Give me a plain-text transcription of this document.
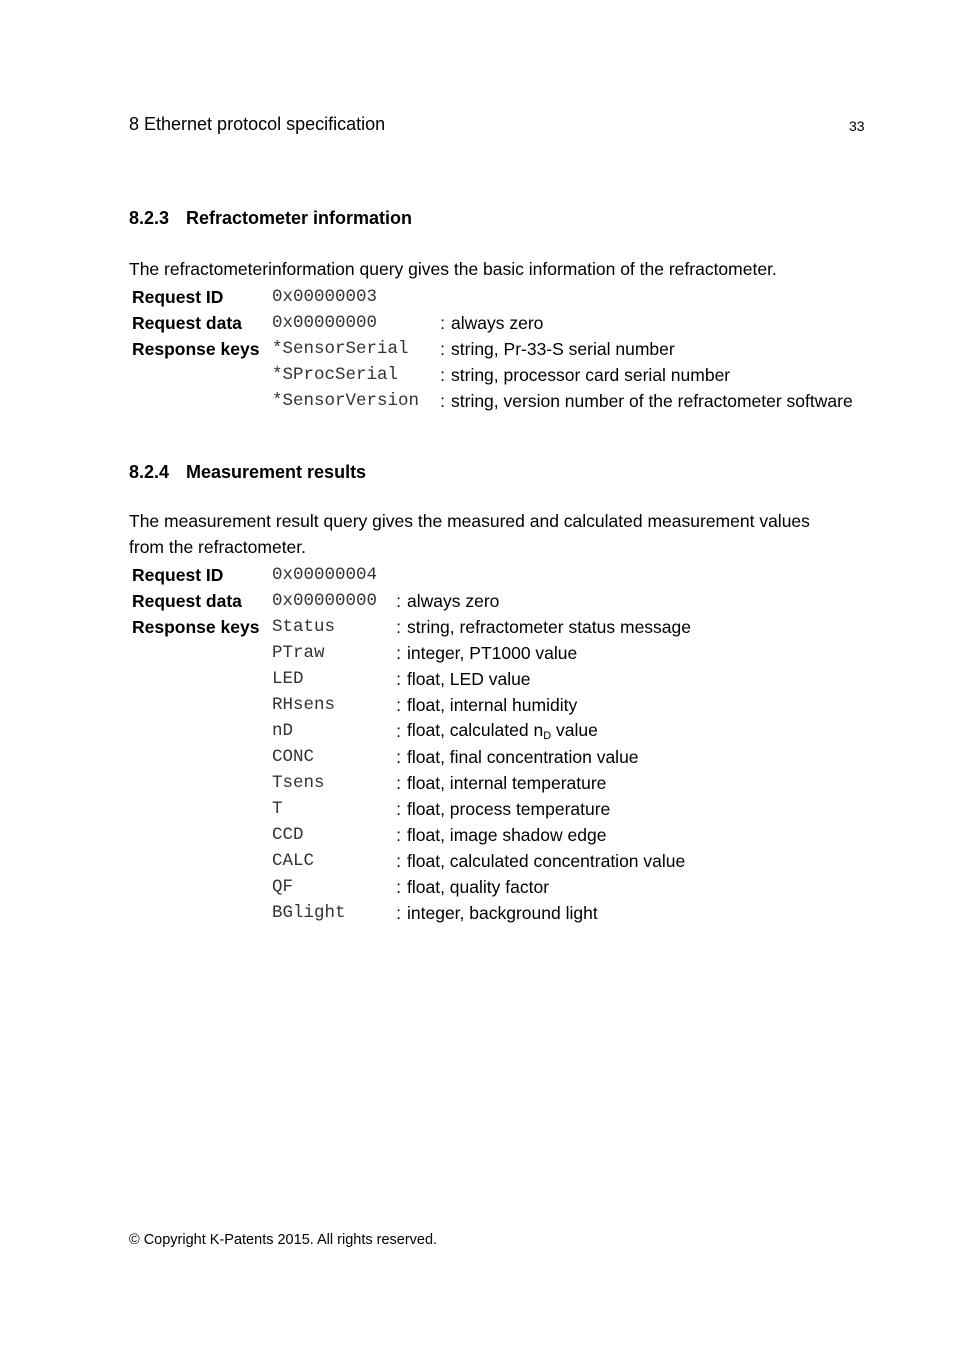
8 Ethernet protocol specification	33
8.2.3 Refractometer information
The refractometerinformation query gives the basic information of the refractometer.
Request ID	0x00000003		
Request data	0x00000000	:	always zero
Response keys	*SensorSerial	:	string, Pr-33-S serial number
	*SProcSerial	:	string, processor card serial number
	*SensorVersion	:	string, version number of the refractometer software
8.2.4 Measurement results
The measurement result query gives the measured and calculated measurement values from the refractometer.
Request ID	0x00000004		
Request data	0x00000000	:	always zero
Response keys	Status	:	string, refractometer status message
	PTraw	:	integer, PT1000 value
	LED	:	float, LED value
	RHsens	:	float, internal humidity
	nD	:	float, calculated $n_D$ value
	CONC	:	float, final concentration value
	Tsens	:	float, internal temperature
	T	:	float, process temperature
	CCD	:	float, image shadow edge
	CALC	:	float, calculated concentration value
	QF	:	float, quality factor
	BGlight	:	integer, background light
© Copyright K-Patents 2015. All rights reserved.
